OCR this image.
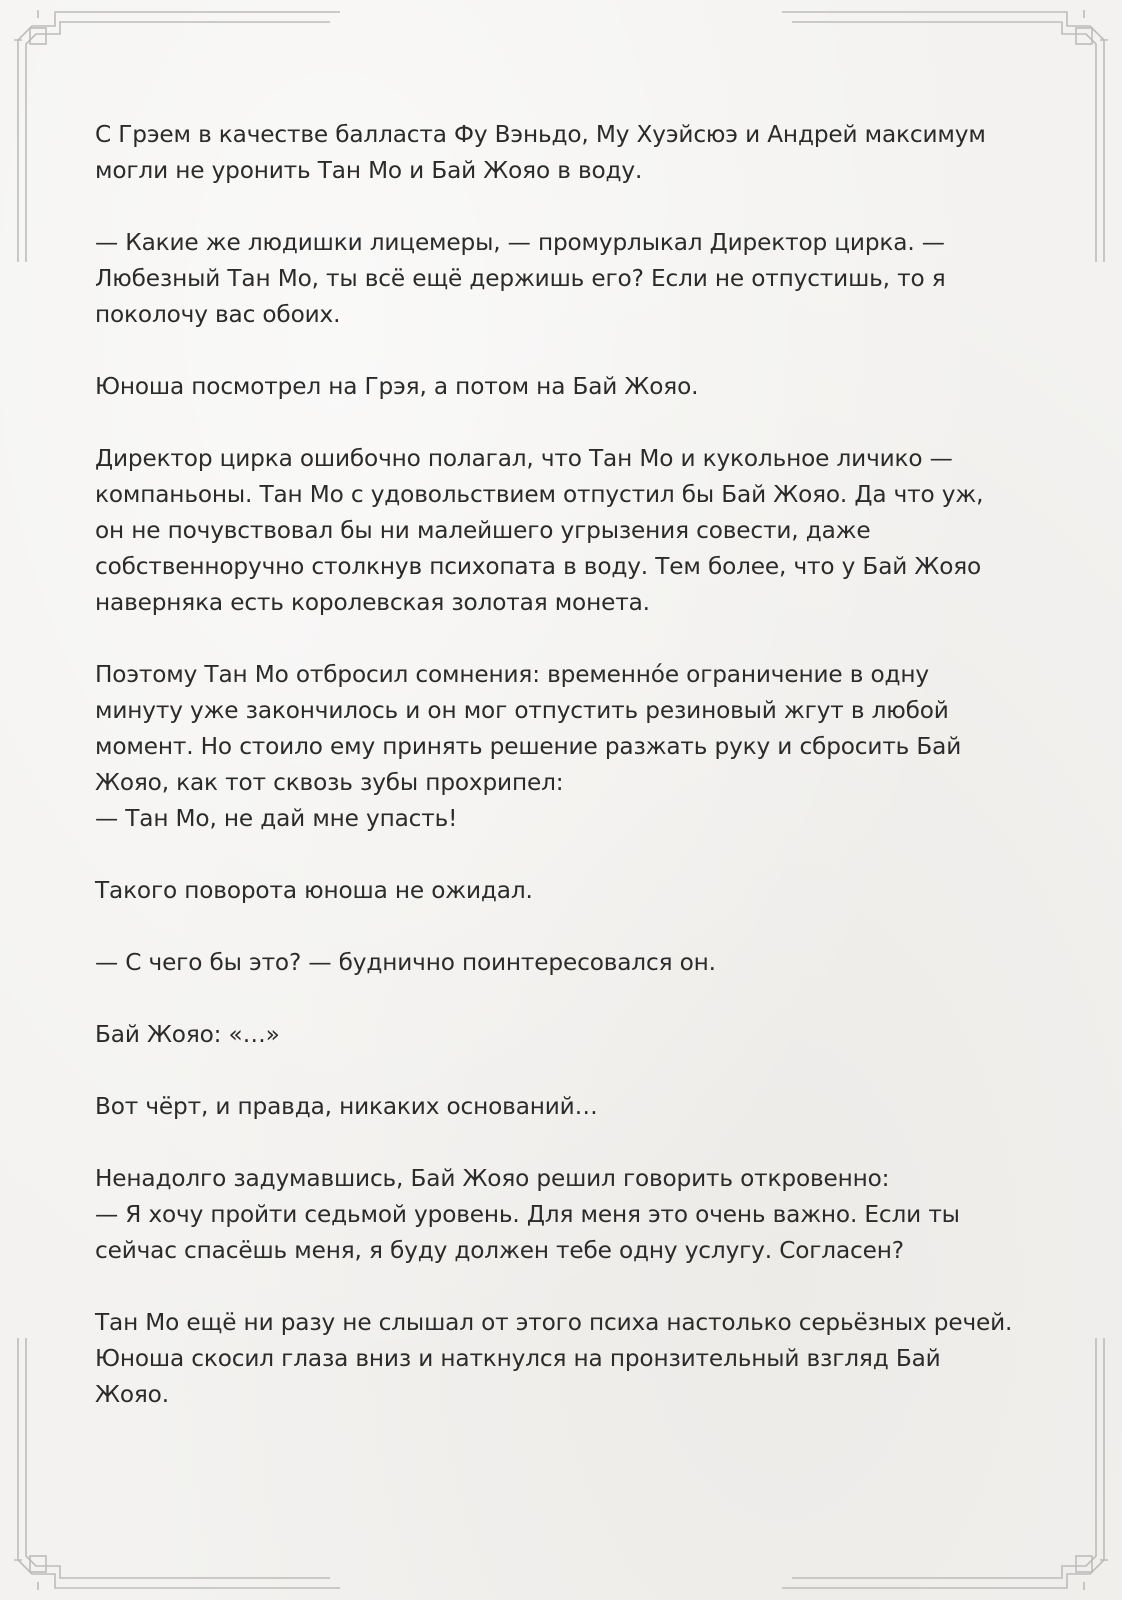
С Грэем в качестве балласта Фу Вэньдо, Му Хуэйсюэ и Андрей максимум
могли не уронить Тан Мо и Бай Жояо в воду.

— Какие же людишки лицемеры, — промурлыкал Директор цирка. —
Любезный Тан Мо, ты всё ещё держишь его? Если не отпустишь, то я
поколочу вас обоих.

Юноша посмотрел на Грэя, а потом на Бай Жояо.

Директор цирка ошибочно полагал, что Тан Мо и кукольное личико —
компаньоны. Тан Мо с удовольствием отпустил бы Бай Жояо. Да что уж,
он не почувствовал бы ни малейшего угрызения совести, даже
собственноручно столкнув психопата в воду. Тем более, что у Бай Жояо
наверняка есть королевская золотая монета.

Поэтому Тан Мо отбросил сомнения: временно́е ограничение в одну
минуту уже закончилось и он мог отпустить резиновый жгут в любой
момент. Но стоило ему принять решение разжать руку и сбросить Бай
Жояо, как тот сквозь зубы прохрипел:
— Тан Мо, не дай мне упасть!

Такого поворота юноша не ожидал.

— С чего бы это? — буднично поинтересовался он.

Бай Жояо: «…»

Вот чёрт, и правда, никаких оснований…

Ненадолго задумавшись, Бай Жояо решил говорить откровенно:
— Я хочу пройти седьмой уровень. Для меня это очень важно. Если ты
сейчас спасёшь меня, я буду должен тебе одну услугу. Согласен?

Тан Мо ещё ни разу не слышал от этого психа настолько серьёзных речей.
Юноша скосил глаза вниз и наткнулся на пронзительный взгляд Бай
Жояо.
